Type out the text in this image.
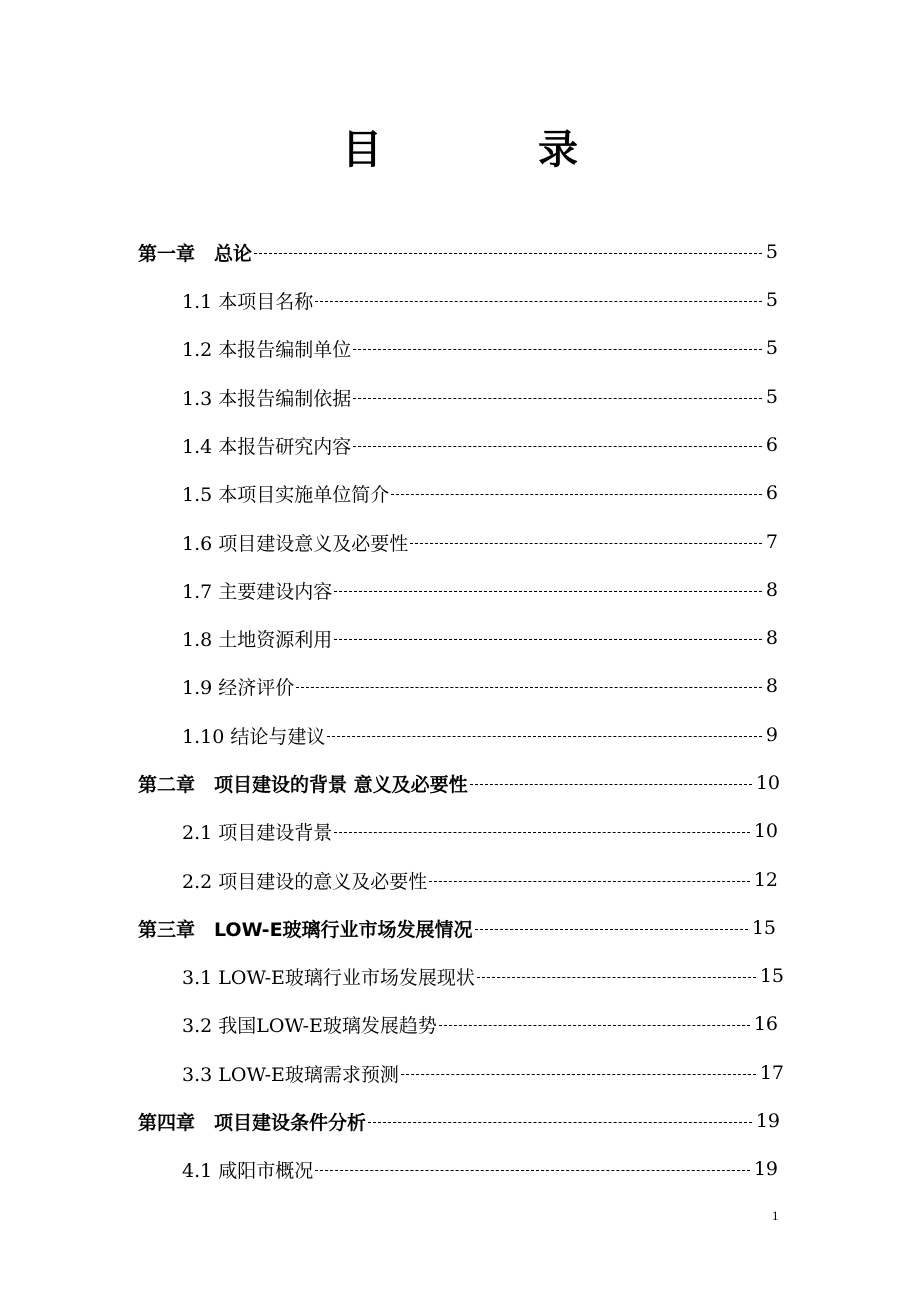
目	录
第一章　总论	5
1.1 本项目名称	5
1.2 本报告编制单位	5
1.3 本报告编制依据	5
1.4 本报告研究内容	6
1.5 本项目实施单位简介	6
1.6 项目建设意义及必要性	7
1.7 主要建设内容	8
1.8 土地资源利用	8
1.9 经济评价	8
1.10 结论与建议	9
第二章　项目建设的背景 意义及必要性	10
2.1 项目建设背景	10
2.2 项目建设的意义及必要性	12
第三章　LOW-E玻璃行业市场发展情况	15
3.1 LOW-E玻璃行业市场发展现状	15
3.2 我国LOW-E玻璃发展趋势	16
3.3 LOW-E玻璃需求预测	17
第四章　项目建设条件分析	19
4.1 咸阳市概况	19
1
